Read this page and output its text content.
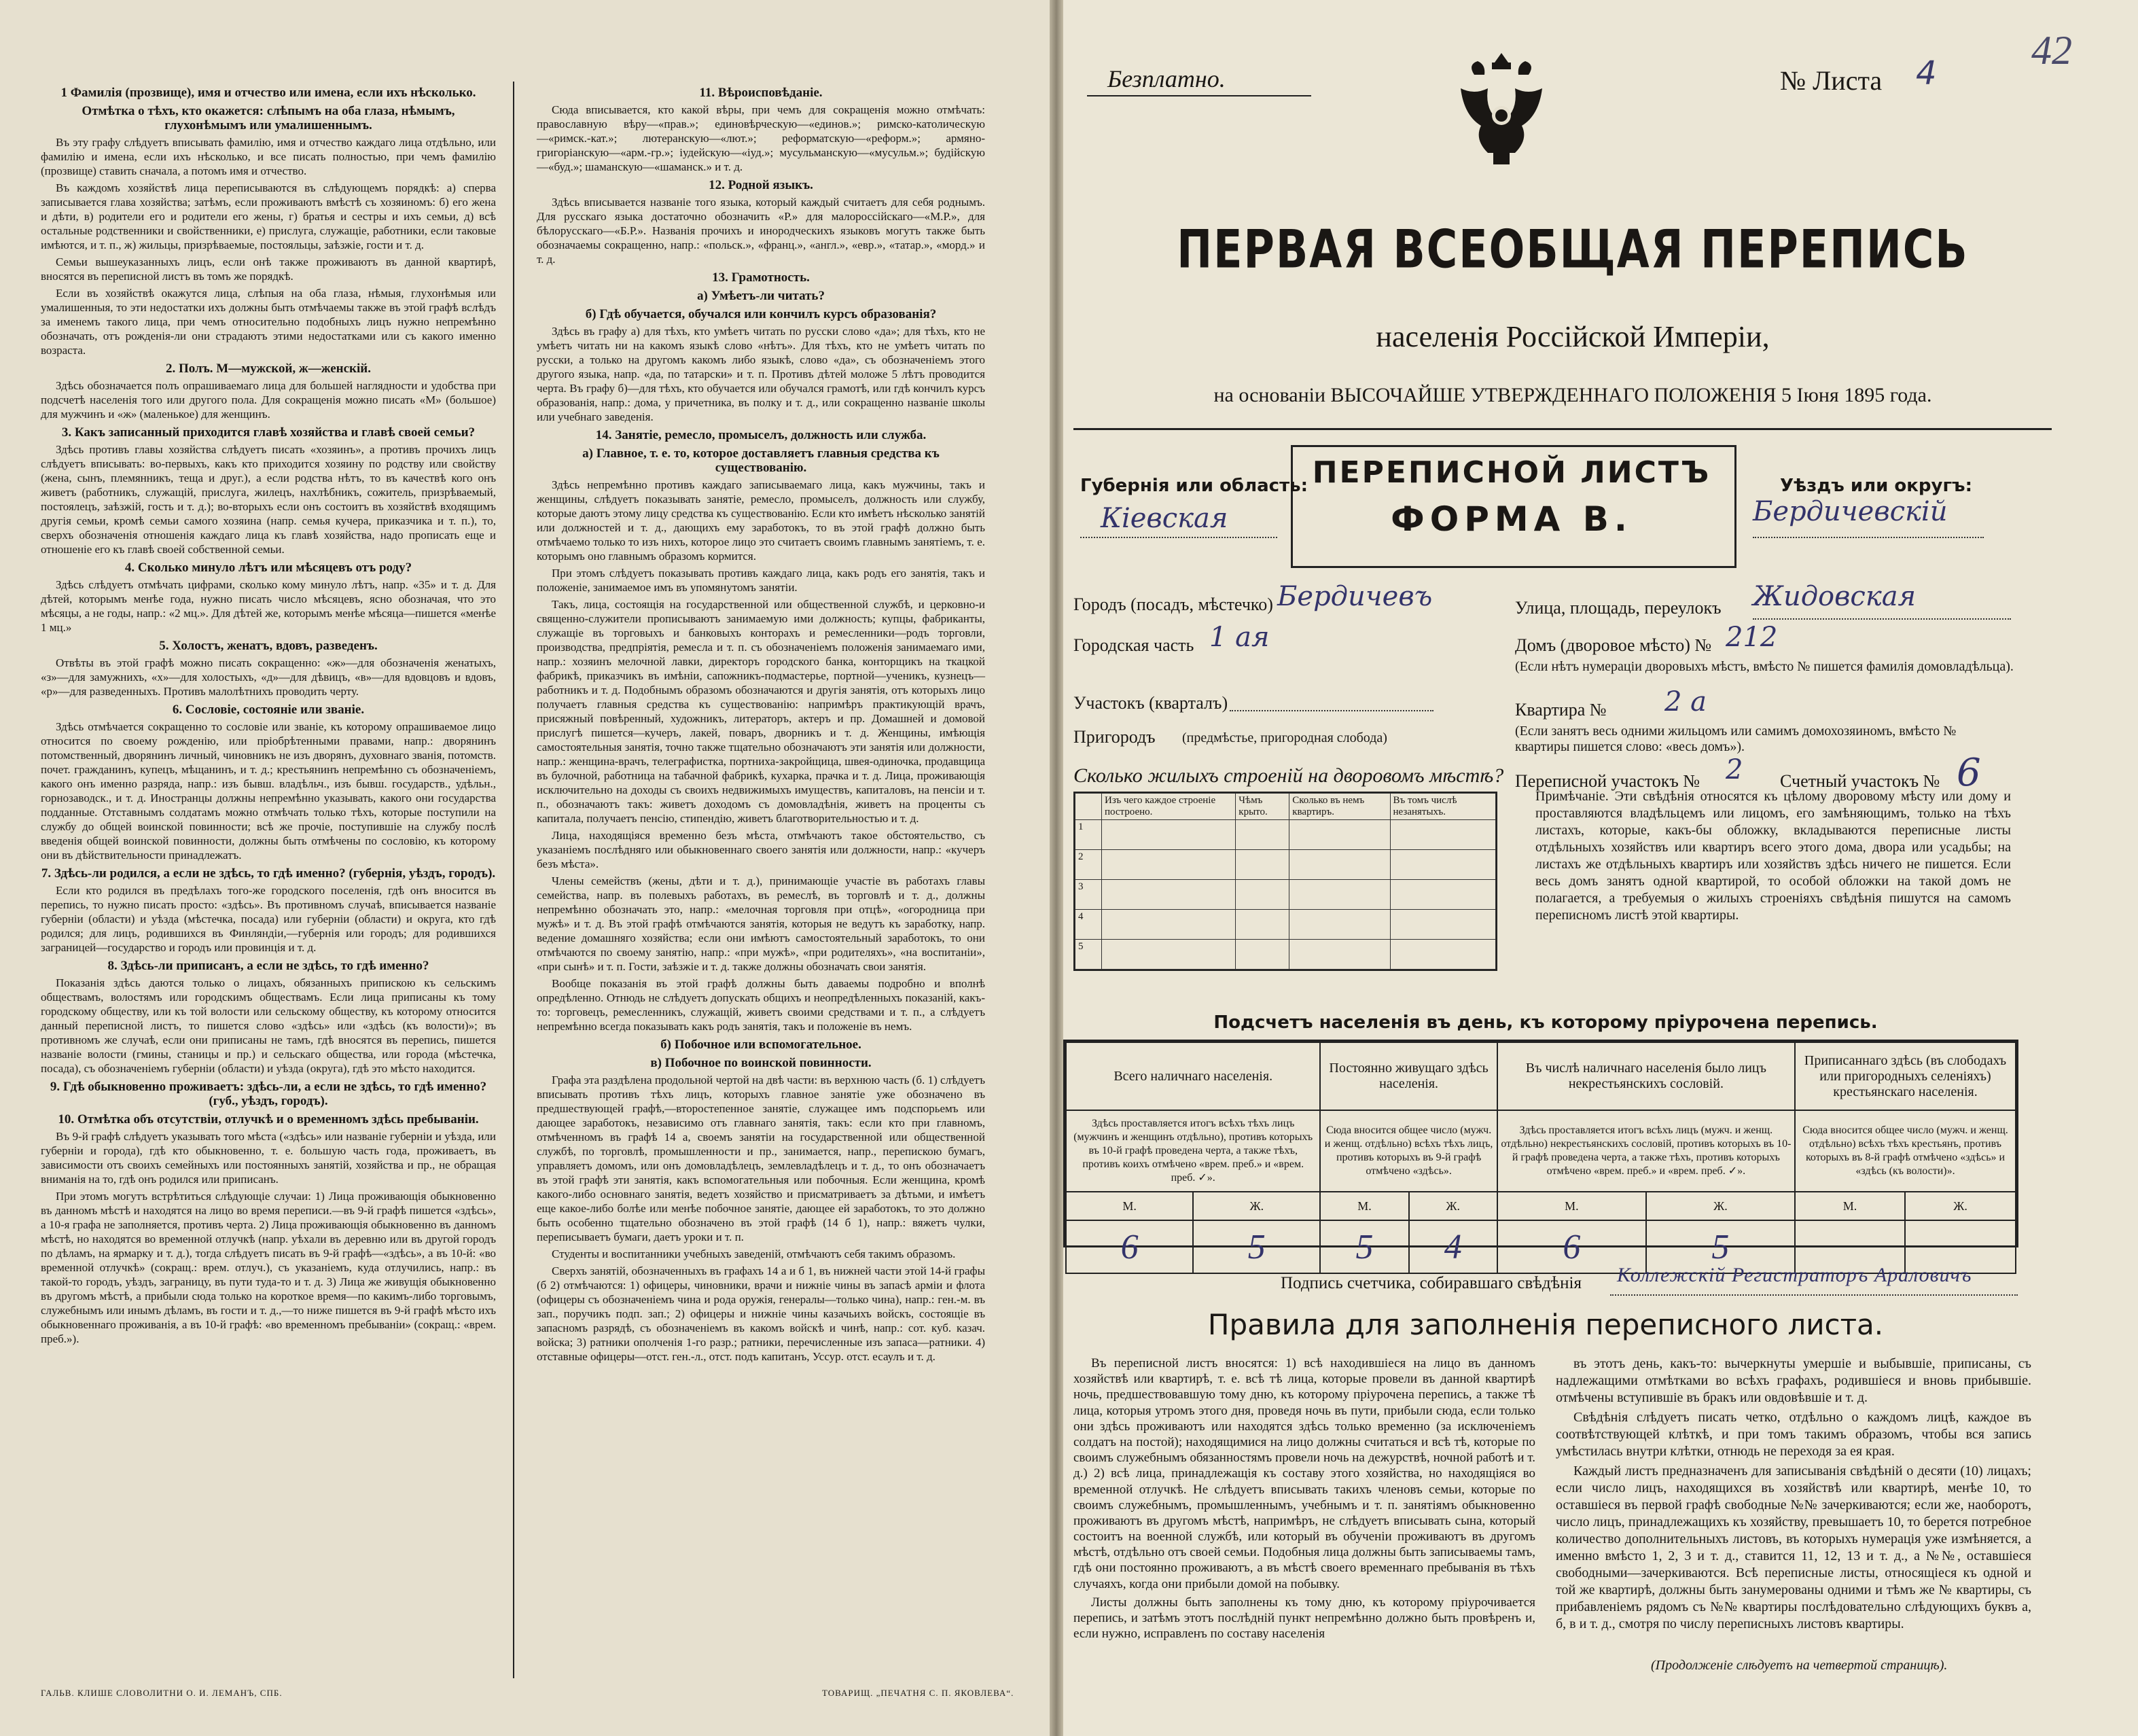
1 Фамилія (прозвище), имя и отчество или имена, если ихъ нѣсколько.
Отмѣтка о тѣхъ, кто окажется: слѣпымъ на оба глаза, нѣмымъ, глухонѣмымъ или умалишеннымъ.

Въ эту графу слѣдуетъ вписывать фамилію, имя и отчество каждаго лица отдѣльно, или фамилію и имена, если ихъ нѣсколько, и все писать полностью, при чемъ фамилію (прозвище) ставить сначала, а потомъ имя и отчество.

Въ каждомъ хозяйствѣ лица переписываются въ слѣдующемъ порядкѣ: а) сперва записывается глава хозяйства; затѣмъ, если проживаютъ вмѣстѣ съ хозяиномъ: б) его жена и дѣти, в) родители его и родители его жены, г) братья и сестры и ихъ семьи, д) всѣ остальные родственники и свойственники, е) прислуга, служащіе, работники, если таковые имѣются, и т. п., ж) жильцы, призрѣваемые, постояльцы, заѣзжіе, гости и т. д.

Семьи вышеуказанныхъ лицъ, если онѣ также проживаютъ въ данной квартирѣ, вносятся въ переписной листъ въ томъ же порядкѣ.

Если въ хозяйствѣ окажутся лица, слѣпыя на оба глаза, нѣмыя, глухонѣмыя или умалишенныя, то эти недостатки ихъ должны быть отмѣчаемы также въ этой графѣ вслѣдъ за именемъ такого лица, при чемъ относительно подобныхъ лицъ нужно непремѣнно обозначать, отъ рожденія-ли они страдаютъ этими недостатками или съ какого именно возраста.

2. Полъ. М—мужской, ж—женскій.

Здѣсь обозначается полъ опрашиваемаго лица для большей наглядности и удобства при подсчетѣ населенія того или другого пола. Для сокращенія можно писать «М» (большое) для мужчинъ и «ж» (маленькое) для женщинъ.

3. Какъ записанный приходится главѣ хозяйства и главѣ своей семьи?

Здѣсь противъ главы хозяйства слѣдуетъ писать «хозяинъ», а противъ прочихъ лицъ слѣдуетъ вписывать: во-первыхъ, какъ кто приходится хозяину по родству или свойству (жена, сынъ, племянникъ, теща и друг.), а если родства нѣтъ, то въ качествѣ кого онъ живетъ (работникъ, служащій, прислуга, жилецъ, нахлѣбникъ, сожитель, призрѣваемый, постоялецъ, заѣзжій, гость и т. д.); во-вторыхъ если онъ состоитъ въ хозяйствѣ входящимъ другія семьи, кромѣ семьи самого хозяина (напр. семья кучера, приказчика и т. п.), то, сверхъ обозначенія отношенія каждаго лица къ главѣ хозяйства, надо прописать еще и отношеніе его къ главѣ своей собственной семьи.

4. Сколько минуло лѣтъ или мѣсяцевъ отъ роду?

Здѣсь слѣдуетъ отмѣчать цифрами, сколько кому минуло лѣтъ, напр. «35» и т. д. Для дѣтей, которымъ менѣе года, нужно писать число мѣсяцевъ, ясно обозначая, что это мѣсяцы, а не годы, напр.: «2 мц.». Для дѣтей же, которымъ менѣе мѣсяца—пишется «менѣе 1 мц.»

5. Холостъ, женатъ, вдовъ, разведенъ.

Отвѣты въ этой графѣ можно писать сокращенно: «ж»—для обозначенія женатыхъ, «з»—для замужнихъ, «х»—для холостыхъ, «д»—для дѣвицъ, «в»—для вдовцовъ и вдовъ, «р»—для разведенныхъ. Противъ малолѣтнихъ проводить черту.

6. Сословіе, состояніе или званіе.

Здѣсь отмѣчается сокращенно то сословіе или званіе, къ которому опрашиваемое лицо относится по своему рожденію, или пріобрѣтенными правами, напр.: дворянинъ потомственный, дворянинъ личный, чиновникъ не изъ дворянъ, духовнаго званія, потомств. почет. гражданинъ, купецъ, мѣщанинъ, и т. д.; крестьянинъ непремѣнно съ обозначеніемъ, какого онъ именно разряда, напр.: изъ бывш. владѣльч., изъ бывш. государств., удѣльн., горнозаводск., и т. д. Иностранцы должны непремѣнно указывать, какого они государства подданные. Отставнымъ солдатамъ можно отмѣчать только тѣхъ, которые поступили на службу до общей воинской повинности; всѣ же прочіе, поступившіе на службу послѣ введенія общей воинской повинности, должны быть отмѣчены по сословію, къ которому они въ дѣйствительности принадлежатъ.

7. Здѣсь-ли родился, а если не здѣсь, то гдѣ именно? (губернія, уѣздъ, городъ).

Если кто родился въ предѣлахъ того-же городского поселенія, гдѣ онъ вносится въ перепись, то нужно писать просто: «здѣсь». Въ противномъ случаѣ, вписывается названіе губерніи (области) и уѣзда (мѣстечка, посада) или губерніи (области) и округа, кто гдѣ родился; для лицъ, родившихся въ Финляндіи,—губернія или городъ; для родившихся заграницей—государство и городъ или провинція и т. д.

8. Здѣсь-ли приписанъ, а если не здѣсь, то гдѣ именно?

Показанія здѣсь даются только о лицахъ, обязанныхъ припискою къ сельскимъ обществамъ, волостямъ или городскимъ обществамъ. Если лица приписаны къ тому городскому обществу, или къ той волости или сельскому обществу, къ которому относится данный переписной листъ, то пишется слово «здѣсь» или «здѣсь (къ волости)»; въ противномъ же случаѣ, если они приписаны не тамъ, гдѣ вносятся въ перепись, пишется названіе волости (гмины, станицы и пр.) и сельскаго общества, или города (мѣстечка, посада), съ обозначеніемъ губерніи (области) и уѣзда (округа), гдѣ это мѣсто находится.

9. Гдѣ обыкновенно проживаетъ: здѣсь-ли, а если не здѣсь, то гдѣ именно? (губ., уѣздъ, городъ).
10. Отмѣтка объ отсутствіи, отлучкѣ и о временномъ здѣсь пребываніи.

Въ 9-й графѣ слѣдуетъ указывать того мѣста («здѣсь» или названіе губерніи и уѣзда, или губерніи и города), гдѣ кто обыкновенно, т. е. большую часть года, проживаетъ, въ зависимости отъ своихъ семейныхъ или постоянныхъ занятій, хозяйства и пр., не обращая вниманія на то, гдѣ онъ родился или приписанъ.

При этомъ могутъ встрѣтиться слѣдующіе случаи: 1) Лица проживающія обыкновенно въ данномъ мѣстѣ и находятся на лицо во время переписи.—въ 9-й графѣ пишется «здѣсь», а 10-я графа не заполняется, противъ черта. 2) Лица проживающія обыкновенно въ данномъ мѣстѣ, но находятся во временной отлучкѣ (напр. уѣхали въ деревню или въ другой городъ по дѣламъ, на ярмарку и т. д.), тогда слѣдуетъ писать въ 9-й графѣ—«здѣсь», а въ 10-й: «во временной отлучкѣ» (сокращ.: врем. отлуч.), съ указаніемъ, куда отлучились, напр.: въ такой-то городъ, уѣздъ, заграницу, въ пути туда-то и т. д. 3) Лица же живущія обыкновенно въ другомъ мѣстѣ, а прибыли сюда только на короткое время—по какимъ-либо торговымъ, служебнымъ или инымъ дѣламъ, въ гости и т. д.,—то ниже пишется въ 9-й графѣ мѣсто ихъ обыкновеннаго проживанія, а въ 10-й графѣ: «во временномъ пребываніи» (сокращ.: «врем. преб.»).

11. Вѣроисповѣданіе.

Сюда вписывается, кто какой вѣры, при чемъ для сокращенія можно отмѣчать: православную вѣру—«прав.»; единовѣрческую—«единов.»; римско-католическую—«римск.-кат.»; лютеранскую—«лют.»; реформатскую—«реформ.»; армяно-григоріанскую—«арм.-гр.»; іудейскую—«іуд.»; мусульманскую—«мусульм.»; будійскую—«буд.»; шаманскую—«шаманск.» и т. д.

12. Родной языкъ.

Здѣсь вписывается названіе того языка, который каждый считаетъ для себя роднымъ. Для русскаго языка достаточно обозначить «Р.» для малороссійскаго—«М.Р.», для бѣлорусскаго—«Б.Р.». Названія прочихъ и инородческихъ языковъ могутъ также быть обозначаемы сокращенно, напр.: «польск.», «франц.», «англ.», «евр.», «татар.», «морд.» и т. д.

13. Грамотность.
а) Умѣетъ-ли читать?
б) Гдѣ обучается, обучался или кончилъ курсъ образованія?

Здѣсь въ графу а) для тѣхъ, кто умѣетъ читать по русски слово «да»; для тѣхъ, кто не умѣетъ читать ни на какомъ языкѣ слово «нѣтъ». Для тѣхъ, кто не умѣетъ читать по русски, а только на другомъ какомъ либо языкѣ, слово «да», съ обозначеніемъ этого другого языка, напр. «да, по татарски» и т. п. Противъ дѣтей моложе 5 лѣтъ проводится черта. Въ графу б)—для тѣхъ, кто обучается или обучался грамотѣ, или гдѣ кончилъ курсъ образованія, напр.: дома, у причетника, въ полку и т. д., или сокращенно названіе школы или учебнаго заведенія.

14. Занятіе, ремесло, промыселъ, должность или служба.
а) Главное, т. е. то, которое доставляетъ главныя средства къ существованію.

Здѣсь непремѣнно противъ каждаго записываемаго лица, какъ мужчины, такъ и женщины, слѣдуетъ показывать занятіе, ремесло, промыселъ, должность или службу, которые даютъ этому лицу средства къ существованію. Если кто имѣетъ нѣсколько занятій или должностей и т. д., дающихъ ему заработокъ, то въ этой графѣ должно быть отмѣчаемо только то изъ нихъ, которое лицо это считаетъ своимъ главнымъ занятіемъ, т. е. которымъ оно главнымъ образомъ кормится.

При этомъ слѣдуетъ показывать противъ каждаго лица, какъ родъ его занятія, такъ и положеніе, занимаемое имъ въ упомянутомъ занятіи.

Такъ, лица, состоящія на государственной или общественной службѣ, и церковно-и священно-служители прописываютъ занимаемую ими должность; купцы, фабриканты, служащіе въ торговыхъ и банковыхъ конторахъ и ремесленники—родъ торговли, производства, предпріятія, ремесла и т. п. съ обозначеніемъ положенія занимаемаго ими, напр.: хозяинъ мелочной лавки, директоръ городского банка, конторщикъ на ткацкой фабрикѣ, приказчикъ въ имѣніи, сапожникъ-подмастерье, портной—ученикъ, кузнецъ—работникъ и т. д. Подобнымъ образомъ обозначаются и другія занятія, отъ которыхъ лицо получаетъ главныя средства къ существованію: напримѣръ практикующій врачъ, присяжный повѣренный, художникъ, литераторъ, актеръ и пр. Домашней и домовой прислугѣ пишется—кучеръ, лакей, поваръ, дворникъ и т. д. Женщины, имѣющія самостоятельныя занятія, точно также тщательно обозначаютъ эти занятія или должности, напр.: женщина-врачъ, телеграфистка, портниха-закройщица, швея-одиночка, продавщица въ булочной, работница на табачной фабрикѣ, кухарка, прачка и т. д. Лица, проживающія исключительно на доходы съ своихъ недвижимыхъ имуществъ, капиталовъ, на пенсіи и т. п., обозначаютъ такъ: живетъ доходомъ съ домовладѣнія, живетъ на проценты съ капитала, получаетъ пенсію, стипендію, живетъ благотворительностью и т. д.

Лица, находящіяся временно безъ мѣста, отмѣчаютъ такое обстоятельство, съ указаніемъ послѣдняго или обыкновеннаго своего занятія или должности, напр.: «кучеръ безъ мѣста».

Члены семействъ (жены, дѣти и т. д.), принимающіе участіе въ работахъ главы семейства, напр. въ полевыхъ работахъ, въ ремеслѣ, въ торговлѣ и т. д., должны непремѣнно обозначать это, напр.: «мелочная торговля при отцѣ», «огородница при мужѣ» и т. д. Въ этой графѣ отмѣчаются занятія, которыя не ведутъ къ заработку, напр. ведение домашняго хозяйства; если они имѣютъ самостоятельный заработокъ, то они отмѣчаются по своему занятію, напр.: «при мужѣ», «при родителяхъ», «на воспитаніи», «при сынѣ» и т. п. Гости, заѣзжіе и т. д. также должны обозначать свои занятія.

Вообще показанія въ этой графѣ должны быть даваемы подробно и вполнѣ опредѣленно. Отнюдь не слѣдуетъ допускать общихъ и неопредѣленныхъ показаній, какъ-то: торговецъ, ремесленникъ, служащій, живетъ своими средствами и т. п., а слѣдуетъ непремѣнно всегда показывать какъ родъ занятія, такъ и положеніе въ немъ.

б) Побочное или вспомогательное.
в) Побочное по воинской повинности.

Графа эта раздѣлена продольной чертой на двѣ части: въ верхнюю часть (б. 1) слѣдуетъ вписывать противъ тѣхъ лицъ, которыхъ главное занятіе уже обозначено въ предшествующей графѣ,—второстепенное занятіе, служащее имъ подспорьемъ или дающее заработокъ, независимо отъ главнаго занятія, такъ: если кто при главномъ, отмѣченномъ въ графѣ 14 а, своемъ занятіи на государственной или общественной службѣ, по торговлѣ, промышленности и пр., занимается, напр., перепискою бумагъ, управляетъ домомъ, или онъ домовладѣлецъ, землевладѣлецъ и т. д., то онъ обозначаетъ въ этой графѣ эти занятія, какъ вспомогательныя или побочныя. Если женщина, кромѣ какого-либо основнаго занятія, ведетъ хозяйство и присматриваетъ за дѣтьми, и имѣетъ еще какое-либо болѣе или менѣе побочное занятіе, дающее ей заработокъ, то это должно быть особенно тщательно обозначено въ этой графѣ (14 б 1), напр.: вяжетъ чулки, переписываетъ бумаги, даетъ уроки и т. п.

Студенты и воспитанники учебныхъ заведеній, отмѣчаютъ себя такимъ образомъ.

Сверхъ занятій, обозначенныхъ въ графахъ 14 а и б 1, въ нижней части этой 14-й графы (б 2) отмѣчаются: 1) офицеры, чиновники, врачи и нижніе чины въ запасѣ арміи и флота (офицеры съ обозначеніемъ чина и рода оружія, генералы—только чина), напр.: ген.-м. въ зап., поручикъ подп. зап.; 2) офицеры и нижніе чины казачьихъ войскъ, состоящіе въ запасномъ разрядѣ, съ обозначеніемъ въ какомъ войскѣ и чинѣ, напр.: сот. куб. казач. войска; 3) ратники ополченія 1-го разр.; ратники, перечисленные изъ запаса—ратники. 4) отставные офицеры—отст. ген.-л., отст. подъ капитанъ, Уссур. отст. есаулъ и т. д.

ГАЛЬВ. КЛИШЕ СЛОВОЛИТНИ О. И. ЛЕМАНЪ, СПБ.	ТОВАРИЩ. „ПЕЧАТНЯ С. П. ЯКОВЛЕВА“.
Безплатно.	№ Листа 4
42
ПЕРВАЯ ВСЕОБЩАЯ ПЕРЕПИСЬ
населенія Россійской Имперіи,
на основаніи ВЫСОЧАЙШЕ УТВЕРЖДЕННАГО ПОЛОЖЕНІЯ 5 Іюня 1895 года.
ПЕРЕПИСНОЙ ЛИСТЪ
ФОРМА В.
Губернія или область:
Кіевская
Уѣздъ или округъ:
Бердичевскій
Городъ (посадъ, мѣстечко) Бердичевъ	Улица, площадь, переулокъ Жидовская
Городская часть 1 ая	Домъ (дворовое мѣсто) № 212
(Если нѣтъ нумераціи дворовыхъ мѣстъ, вмѣсто № пишется фамилія домовладѣльца).
Участокъ (кварталъ)	Квартира № 2 а
Пригородъ (предмѣстье, пригородная слобода)	(Если занятъ весь одними жильцомъ или самимъ домохозяиномъ, вмѣсто № квартиры пишется слово: «весь домъ»).
Переписной участокъ № 2 Счетный участокъ № 6
Сколько жилыхъ строеній на дворовомъ мѣстѣ?
	Изъ чего каждое строеніе построено.	Чѣмъ крыто.	Сколько въ немъ квартиръ.	Въ томъ числѣ незанятыхъ.
1				
2				
3				
4				
5				
Примѣчаніе. Эти свѣдѣнія относятся къ цѣлому дворовому мѣсту или дому и проставляются владѣльцемъ или лицомъ, его замѣняющимъ, только на тѣхъ листахъ, которые, какъ-бы обложку, вкладываются переписные листы отдѣльныхъ хозяйствъ или квартиръ всего этого дома, двора или усадьбы; на листахъ же отдѣльныхъ квартиръ или хозяйствъ здѣсь ничего не пишется. Если весь домъ занятъ одной квартирой, то особой обложки на такой домъ не полагается, а требуемыя о жилыхъ строеніяхъ свѣдѣнія пишутся на самомъ переписномъ листѣ этой квартиры.
Подсчетъ населенія въ день, къ которому пріурочена перепись.
Всего наличнаго населенія.		Постоянно живущаго здѣсь населенія.		Въ числѣ наличнаго населенія было лицъ некрестьянскихъ сословій.		Приписаннаго здѣсь (въ слободахъ или пригородныхъ селеніяхъ) крестьянскаго населенія.	
Здѣсь проставляется итогъ всѣхъ тѣхъ лицъ (мужчинъ и женщинъ отдѣльно), противъ которыхъ въ 10-й графѣ проведена черта, а также тѣхъ, противъ коихъ отмѣчено «врем. преб.» и «врем. преб. ✓».		Сюда вносится общее число (мужч. и женщ. отдѣльно) всѣхъ тѣхъ лицъ, противъ которыхъ въ 9-й графѣ отмѣчено «здѣсь».		Здѣсь проставляется итогъ всѣхъ лицъ (мужч. и женщ. отдѣльно) некрестьянскихъ сословій, противъ которыхъ въ 10-й графѣ проведена черта, а также тѣхъ, противъ которыхъ отмѣчено «врем. преб.» и «врем. преб. ✓».		Сюда вносится общее число (мужч. и женщ. отдѣльно) всѣхъ тѣхъ крестьянъ, противъ которыхъ въ 8-й графѣ отмѣчено «здѣсь» и «здѣсь (къ волости)».	
М.	Ж.	М.	Ж.	М.	Ж.	М.	Ж.
6	5	5	4	6	5		
Подпись счетчика, собиравшаго свѣдѣнія Коллежскій Регистраторъ Араловичъ
Правила для заполненія переписного листа.

Въ переписной листъ вносятся: 1) всѣ находившіеся на лицо въ данномъ хозяйствѣ или квартирѣ, т. е. всѣ тѣ лица, которые провели въ данной квартирѣ ночь, предшествовавшую тому дню, къ которому пріурочена перепись, а также тѣ лица, которыя утромъ этого дня, проведя ночь въ пути, прибыли сюда, если только они здѣсь проживаютъ или находятся здѣсь только временно (за исключеніемъ солдатъ на постой); находящимися на лицо должны считаться и всѣ тѣ, которые по своимъ служебнымъ обязанностямъ провели ночь на дежурствѣ, ночной работѣ и т. д.) 2) всѣ лица, принадлежащія къ составу этого хозяйства, но находящіяся во временной отлучкѣ. Не слѣдуетъ вписывать такихъ членовъ семьи, которые по своимъ служебнымъ, промышленнымъ, учебнымъ и т. п. занятіямъ обыкновенно проживаютъ въ другомъ мѣстѣ, напримѣръ, не слѣдуетъ вписывать сына, который состоитъ на военной службѣ, или который въ обученіи проживаютъ въ другомъ мѣстѣ, отдѣльно отъ своей семьи. Подобныя лица должны быть записываемы тамъ, гдѣ они постоянно проживаютъ, а въ мѣстѣ своего временнаго пребыванія въ тѣхъ случаяхъ, когда они прибыли домой на побывку.

Листы должны быть заполнены къ тому дню, къ которому пріурочивается перепись, и затѣмъ этотъ послѣдній пункт непремѣнно должно быть провѣренъ и, если нужно, исправленъ по составу населенія

въ этотъ день, какъ-то: вычеркнуты умершіе и выбывшіе, приписаны, съ надлежащими отмѣтками во всѣхъ графахъ, родившіеся и вновь прибывшіе. отмѣчены вступившіе въ бракъ или овдовѣвшіе и т. д.

Свѣдѣнія слѣдуетъ писать четко, отдѣльно о каждомъ лицѣ, каждое въ соотвѣтствующей клѣткѣ, и при томъ такимъ образомъ, чтобы вся запись умѣстилась внутри клѣтки, отнюдь не переходя за ея края.

Каждый листъ предназначенъ для записыванія свѣдѣній о десяти (10) лицахъ; если число лицъ, находящихся въ хозяйствѣ или квартирѣ, менѣе 10, то оставшіеся въ первой графѣ свободные №№ зачеркиваются; если же, наоборотъ, число лицъ, принадлежащихъ къ хозяйству, превышаетъ 10, то берется потребное количество дополнительныхъ листовъ, въ которыхъ нумерація уже измѣняется, а именно вмѣсто 1, 2, 3 и т. д., ставится 11, 12, 13 и т. д., а №№, оставшіеся свободными—зачеркиваются. Всѣ переписные листы, относящіеся къ одной и той же квартирѣ, должны быть занумерованы одними и тѣмъ же № квартиры, съ прибавленіемъ рядомъ съ №№ квартиры послѣдовательно слѣдующихъ буквъ а, б, в и т. д., смотря по числу переписныхъ листовъ квартиры.

(Продолженіе слѣдуетъ на четвертой страницѣ).
